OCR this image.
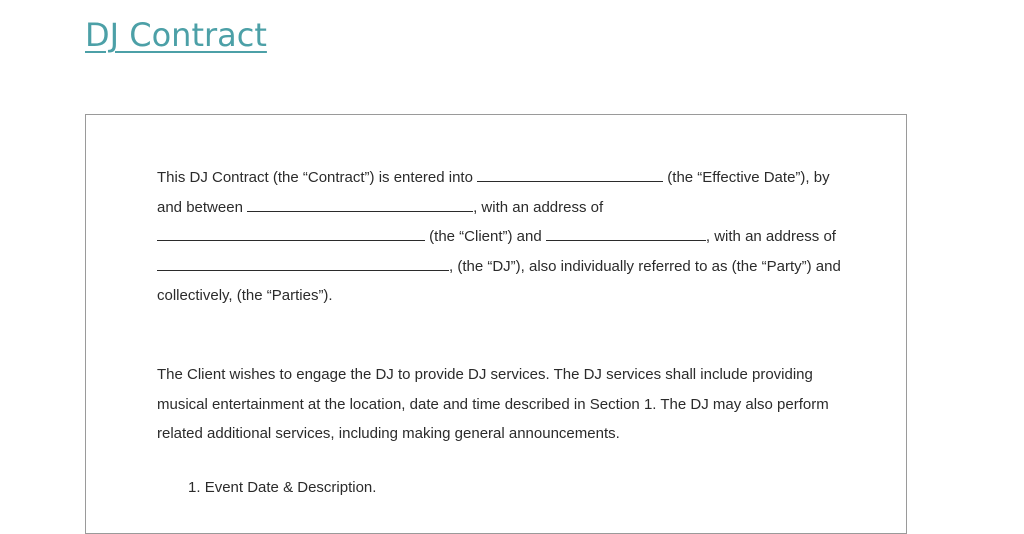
DJ Contract

This DJ Contract (the “Contract”) is entered into	(the “Effective Date”), by and between	, with an address of  (the “Client”) and	, with an address of , (the “DJ”), also individually referred to as (the “Party”) and collectively, (the “Parties”).

The Client wishes to engage the DJ to provide DJ services. The DJ services shall include providing musical entertainment at the location, date and time described in Section 1. The DJ may also perform related additional services, including making general announcements.

1. Event Date & Description.
